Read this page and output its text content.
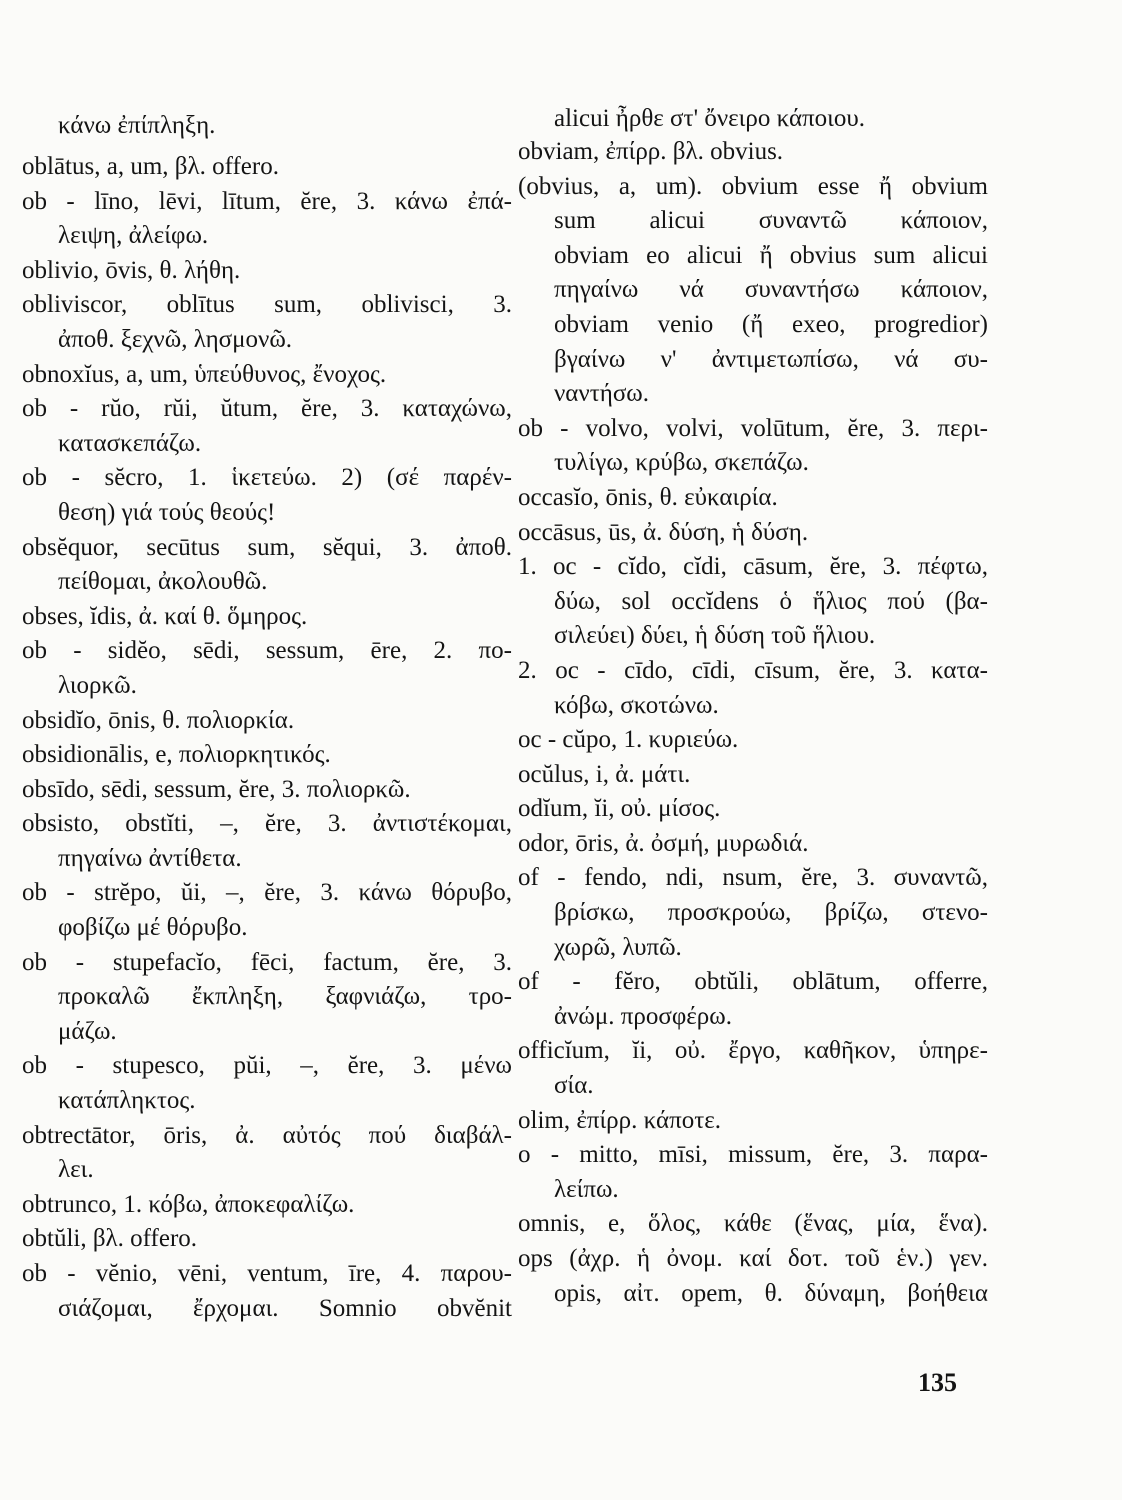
κάνω ἐπίπληξη.
oblātus, a, um, βλ. offero.
ob - līno, lēvi, lītum, ĕre, 3. κάνω ἐπά-
λειψη, ἀλείφω.
oblivio, ōvis, θ. λήθη.
obliviscor, oblītus sum, oblivisci, 3.
ἀποθ. ξεχνῶ, λησμονῶ.
obnoxĭus, a, um, ὑπεύθυνος, ἔνοχος.
ob - rŭo, rŭi, ŭtum, ĕre, 3. καταχώνω,
κατασκεπάζω.
ob - sĕcro, 1. ἱκετεύω. 2) (σέ παρέν-
θεση) γιά τούς θεούς!
obsĕquor, secūtus sum, sĕqui, 3. ἀποθ.
πείθομαι, ἀκολουθῶ.
obses, ĭdis, ἀ. καί θ. ὅμηρος.
ob - sidĕo, sēdi, sessum, ēre, 2. πο-
λιορκῶ.
obsidĭo, ōnis, θ. πολιορκία.
obsidionālis, e, πολιορκητικός.
obsīdo, sēdi, sessum, ĕre, 3. πολιορκῶ.
obsisto, obstĭti, –, ĕre, 3. ἀντιστέκομαι,
πηγαίνω ἀντίθετα.
ob - strĕpo, ŭi, –, ĕre, 3. κάνω θόρυβο,
φοβίζω μέ θόρυβο.
ob - stupefacĭo, fēci, factum, ĕre, 3.
προκαλῶ ἔκπληξη, ξαφνιάζω, τρο-
μάζω.
ob - stupesco, pŭi, –, ĕre, 3. μένω
κατάπληκτος.
obtrectātor, ōris, ἀ. αὐτός πού διαβάλ-
λει.
obtrunco, 1. κόβω, ἀποκεφαλίζω.
obtŭli, βλ. offero.
ob - vĕnio, vēni, ventum, īre, 4. παρου-
σιάζομαι, ἔρχομαι. Somnio obvĕnit
alicui ἦρθε στ' ὄνειρο κάποιου.
obviam, ἐπίρρ. βλ. obvius.
(obvius, a, um). obvium esse ἤ obvium
sum alicui συναντῶ κάποιον,
obviam eo alicui ἤ obvius sum alicui
πηγαίνω νά συναντήσω κάποιον,
obviam venio (ἤ exeo, progredior)
βγαίνω ν' ἀντιμετωπίσω, νά συ-
ναντήσω.
ob - volvo, volvi, volūtum, ĕre, 3. περι-
τυλίγω, κρύβω, σκεπάζω.
occasĭo, ōnis, θ. εὐκαιρία.
occāsus, ūs, ἀ. δύση, ἡ δύση.
1. oc - cĭdo, cĭdi, cāsum, ĕre, 3. πέφτω,
δύω, sol occĭdens ὁ ἥλιος πού (βα-
σιλεύει) δύει, ἡ δύση τοῦ ἥλιου.
2. oc - cīdo, cīdi, cīsum, ĕre, 3. κατα-
κόβω, σκοτώνω.
oc - cŭpo, 1. κυριεύω.
ocŭlus, i, ἀ. μάτι.
odĭum, ĭi, οὐ. μίσος.
odor, ōris, ἀ. ὀσμή, μυρωδιά.
of - fendo, ndi, nsum, ĕre, 3. συναντῶ,
βρίσκω, προσκρούω, βρίζω, στενο-
χωρῶ, λυπῶ.
of - fĕro, obtŭli, oblātum, offerre,
ἀνώμ. προσφέρω.
officĭum, ĭi, οὐ. ἔργο, καθῆκον, ὑπηρε-
σία.
olim, ἐπίρρ. κάποτε.
o - mitto, mīsi, missum, ĕre, 3. παρα-
λείπω.
omnis, e, ὅλος, κάθε (ἕνας, μία, ἕνα).
ops (ἀχρ. ἡ ὀνομ. καί δοτ. τοῦ ἑν.) γεν.
opis, αἰτ. opem, θ. δύναμη, βοήθεια
135
